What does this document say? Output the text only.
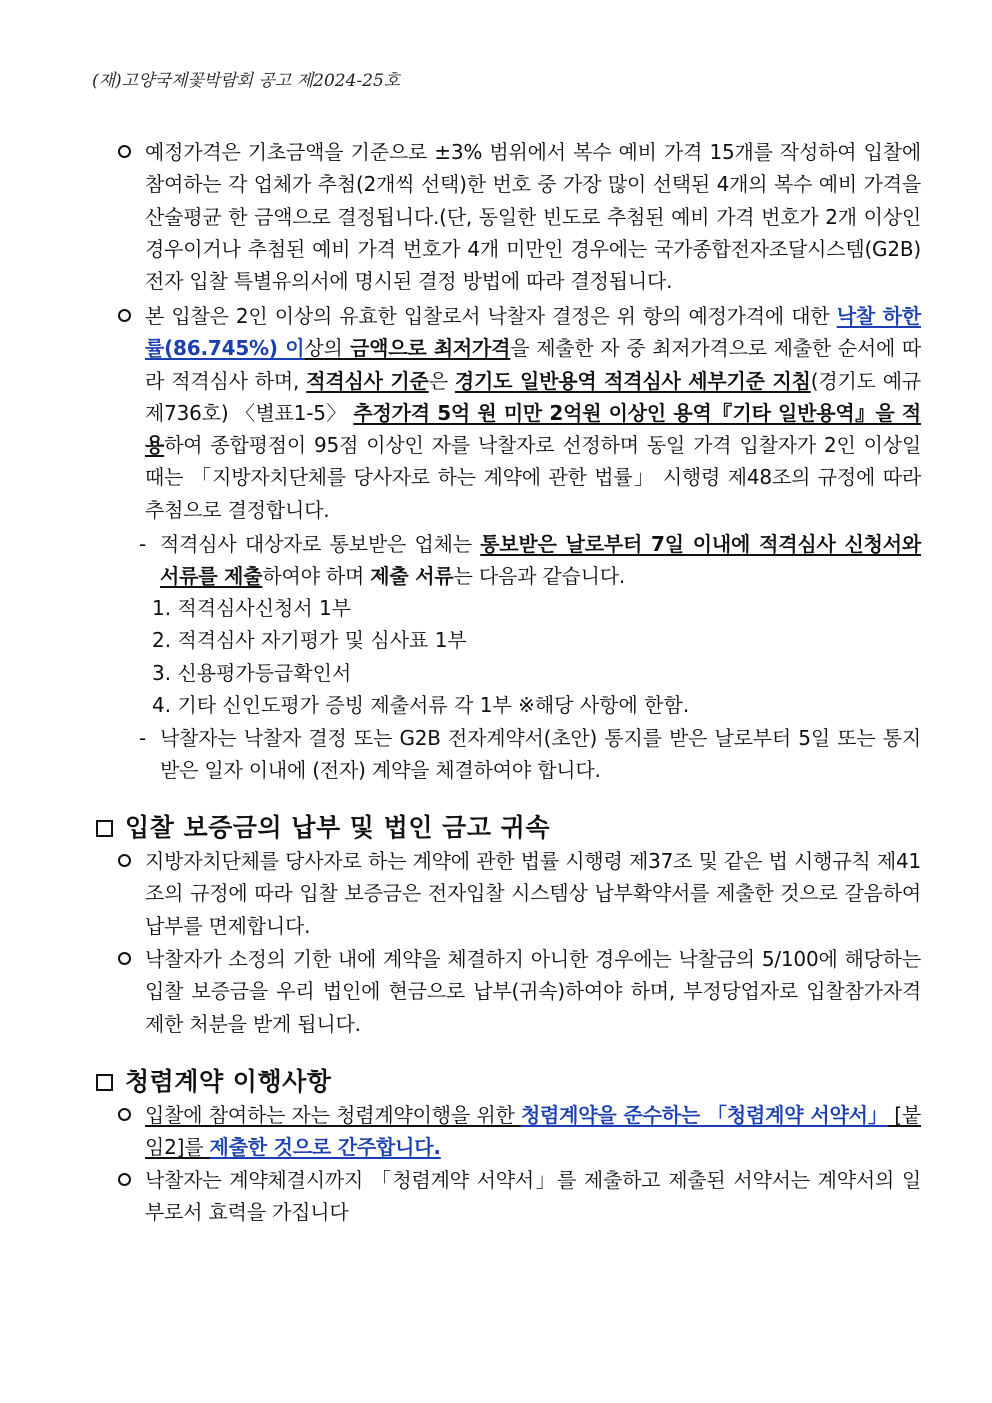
(재)고양국제꽃박람회 공고 제2024-25호
예정가격은 기초금액을 기준으로 ±3% 범위에서 복수 예비 가격 15개를 작성하여 입찰에 참여하는 각 업체가 추첨(2개씩 선택)한 번호 중 가장 많이 선택된 4개의 복수 예비 가격을 산술평균 한 금액으로 결정됩니다.(단, 동일한 빈도로 추첨된 예비 가격 번호가 2개 이상인 경우이거나 추첨된 예비 가격 번호가 4개 미만인 경우에는 국가종합전자조달시스템(G2B) 전자 입찰 특별유의서에 명시된 결정 방법에 따라 결정됩니다.
본 입찰은 2인 이상의 유효한 입찰로서 낙찰자 결정은 위 항의 예정가격에 대한 낙찰 하한률(86.745%) 이상의 금액으로 최저가격을 제출한 자 중 최저가격으로 제출한 순서에 따라 적격심사 하며, 적격심사 기준은 경기도 일반용역 적격심사 세부기준 지침(경기도 예규 제736호) 〈별표1-5〉 추정가격 5억 원 미만 2억원 이상인 용역『기타 일반용역』을 적용하여 종합평점이 95점 이상인 자를 낙찰자로 선정하며 동일 가격 입찰자가 2인 이상일 때는 「지방자치단체를 당사자로 하는 계약에 관한 법률」 시행령 제48조의 규정에 따라 추첨으로 결정합니다.
- 적격심사 대상자로 통보받은 업체는 통보받은 날로부터 7일 이내에 적격심사 신청서와 서류를 제출하여야 하며 제출 서류는 다음과 같습니다.
1. 적격심사신청서 1부
2. 적격심사 자기평가 및 심사표 1부
3. 신용평가등급확인서
4. 기타 신인도평가 증빙 제출서류 각 1부 ※해당 사항에 한함.
- 낙찰자는 낙찰자 결정 또는 G2B 전자계약서(초안) 통지를 받은 날로부터 5일 또는 통지 받은 일자 이내에 (전자) 계약을 체결하여야 합니다.
입찰 보증금의 납부 및 법인 금고 귀속
지방자치단체를 당사자로 하는 계약에 관한 법률 시행령 제37조 및 같은 법 시행규칙 제41조의 규정에 따라 입찰 보증금은 전자입찰 시스템상 납부확약서를 제출한 것으로 갈음하여 납부를 면제합니다.
낙찰자가 소정의 기한 내에 계약을 체결하지 아니한 경우에는 낙찰금의 5/100에 해당하는 입찰 보증금을 우리 법인에 현금으로 납부(귀속)하여야 하며, 부정당업자로 입찰참가자격 제한 처분을 받게 됩니다.
청렴계약 이행사항
입찰에 참여하는 자는 청렴계약이행을 위한 청렴계약을 준수하는 「청렴계약 서약서」 [붙임2]를 제출한 것으로 간주합니다.
낙찰자는 계약체결시까지 「청렴계약 서약서」를 제출하고 제출된 서약서는 계약서의 일부로서 효력을 가집니다
